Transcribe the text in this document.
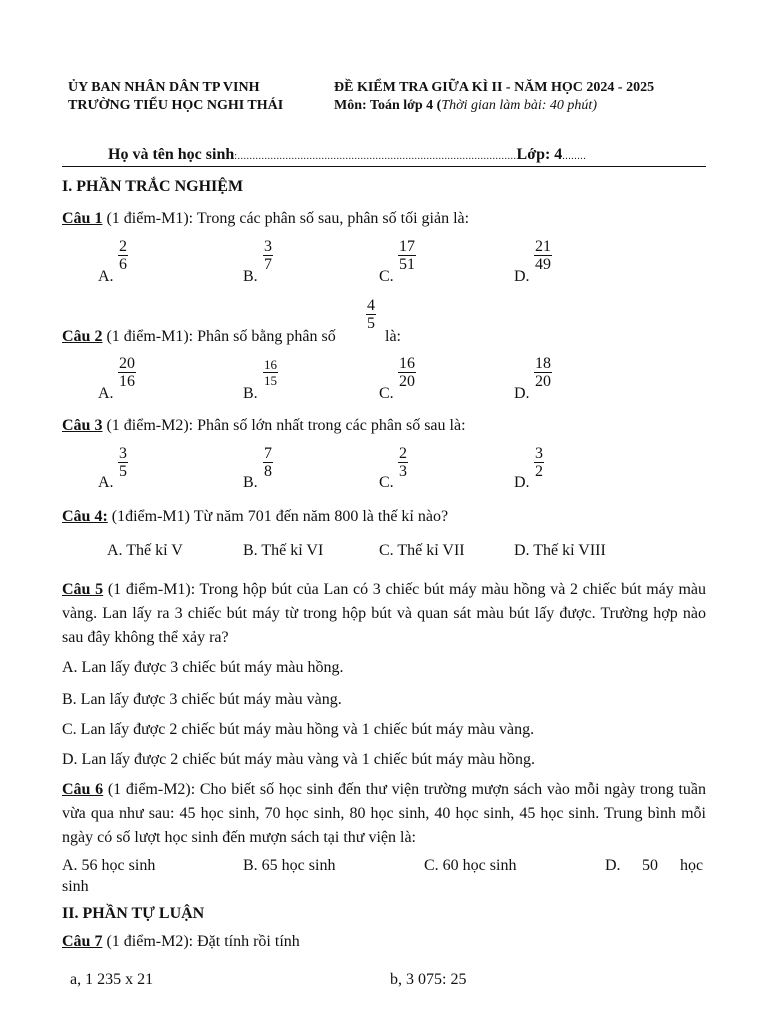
ỦY BAN NHÂN DÂN TP VINH
TRƯỜNG TIỂU HỌC NGHI THÁI
ĐỀ KIỂM TRA GIỮA KÌ II - NĂM HỌC 2024 - 2025
Môn: Toán lớp 4 (Thời gian làm bài: 40 phút)
Họ và tên học sinh:.............................................................................................Lớp: 4........
I. PHẦN TRẮC NGHIỆM
Câu 1 (1 điểm-M1): Trong các phân số sau, phân số tối giản là:
A.
$\frac{2}{6}$
B.
$\frac{3}{7}$
C.
$\frac{17}{51}$
D.
$\frac{21}{49}$
Câu 2 (1 điểm-M1): Phân số bằng phân số
$\frac{4}{5}$
là:
A.
$\frac{20}{16}$
B.
$\frac{16}{15}$
C.
$\frac{16}{20}$
D.
$\frac{18}{20}$
Câu 3 (1 điểm-M2): Phân số lớn nhất trong các phân số sau là:
A.
$\frac{3}{5}$
B.
$\frac{7}{8}$
C.
$\frac{2}{3}$
D.
$\frac{3}{2}$
Câu 4: (1điểm-M1) Từ năm 701 đến năm 800 là thế kỉ nào?
A. Thế kỉ V	B. Thế kỉ VI	C. Thế kỉ VII	D. Thế kỉ VIII
Câu 5 (1 điểm-M1): Trong hộp bút của Lan có 3 chiếc bút máy màu hồng và 2 chiếc bút máy màu vàng. Lan lấy ra 3 chiếc bút máy từ trong hộp bút và quan sát màu bút lấy được. Trường hợp nào sau đây không thể xảy ra?
A. Lan lấy được 3 chiếc bút máy màu hồng.
B. Lan lấy được 3 chiếc bút máy màu vàng.
C. Lan lấy được 2 chiếc bút máy màu hồng và 1 chiếc bút máy màu vàng.
D. Lan lấy được 2 chiếc bút máy màu vàng và 1 chiếc bút máy màu hồng.
Câu 6 (1 điểm-M2): Cho biết số học sinh đến thư viện trường mượn sách vào mỗi ngày trong tuần vừa qua như sau: 45 học sinh, 70 học sinh, 80 học sinh, 40 học sinh, 45 học sinh. Trung bình mỗi ngày có số lượt học sinh đến mượn sách tại thư viện là:
A. 56 học sinh	B. 65 học sinh	C. 60 học sinh	D. 50 học
sinh
II. PHẦN TỰ LUẬN
Câu 7 (1 điểm-M2): Đặt tính rồi tính
a, 1 235 x 21	b, 3 075: 25
